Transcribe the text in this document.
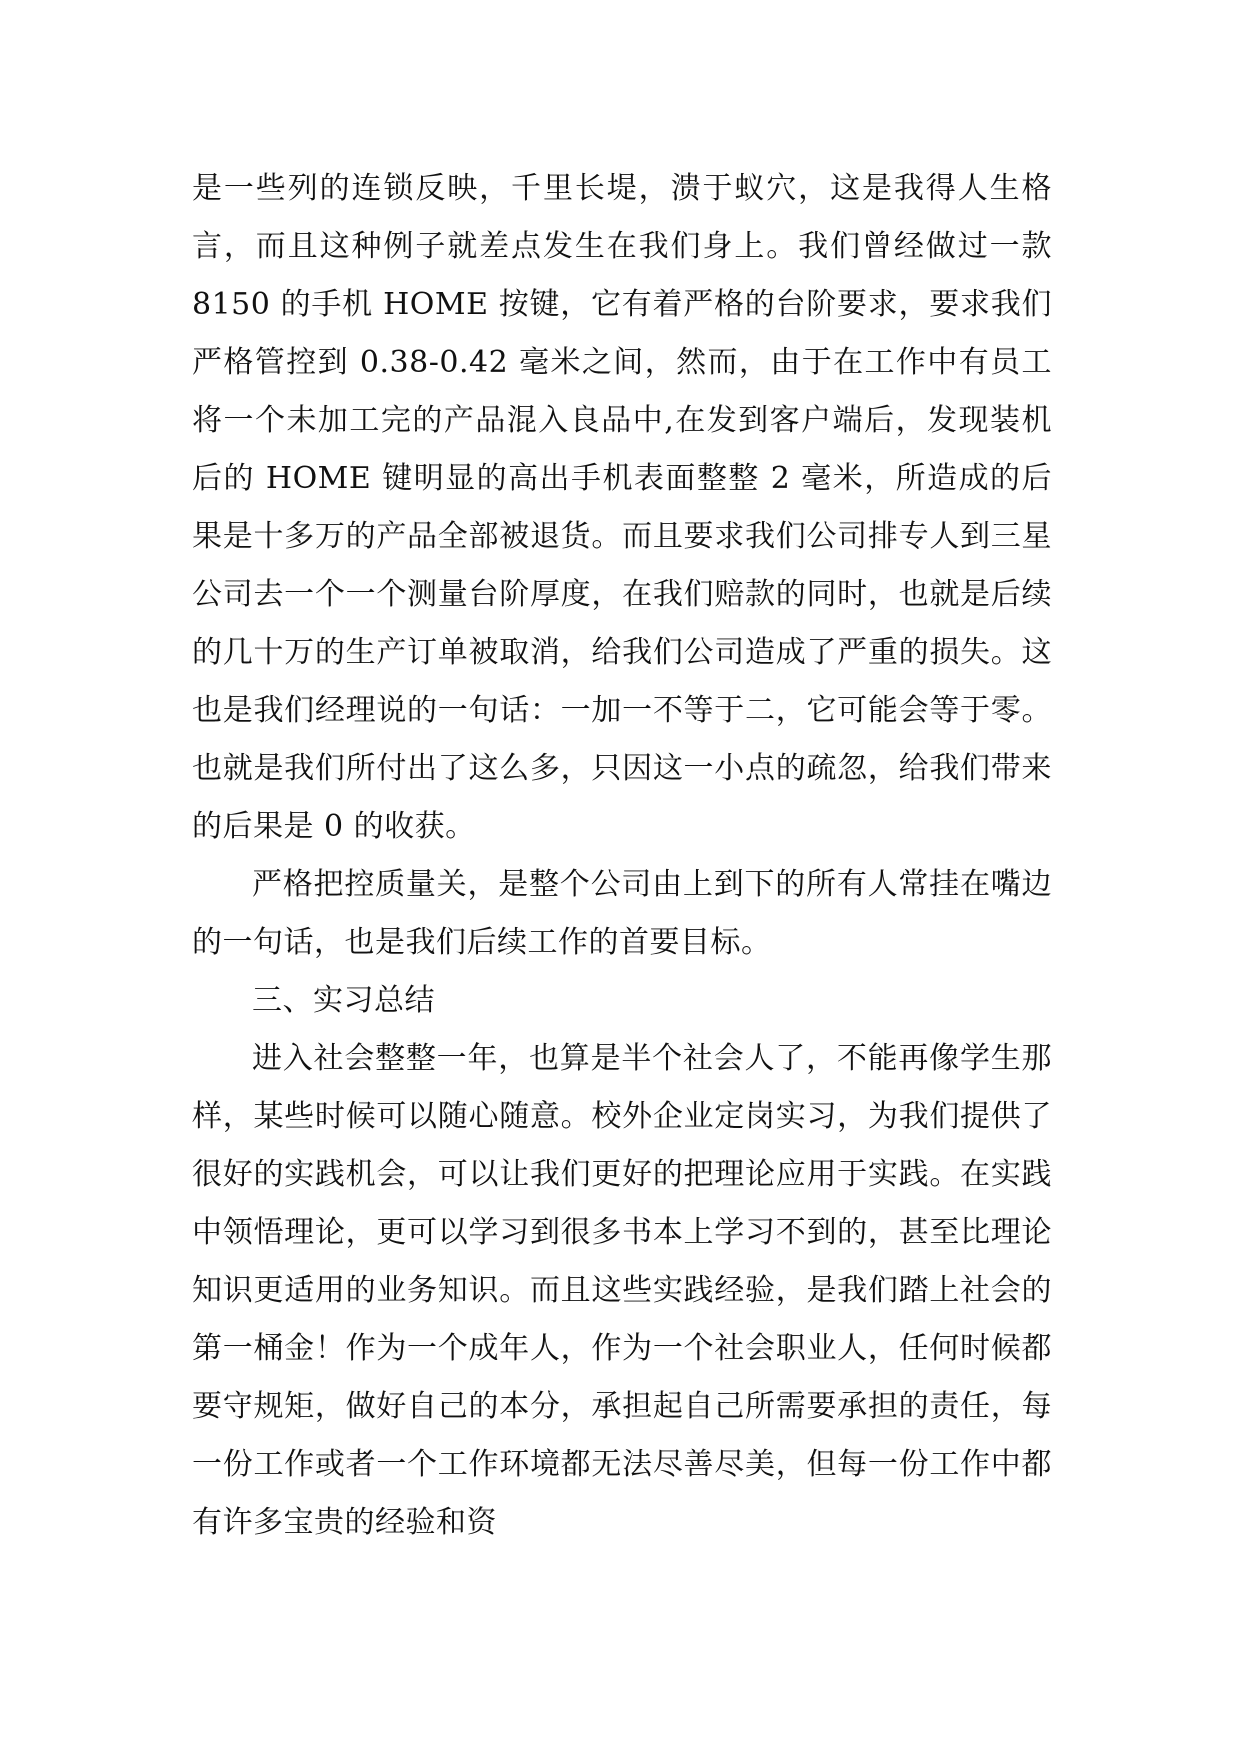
是一些列的连锁反映，千里长堤，溃于蚁穴，这是我得人生格言，而且这种例子就差点发生在我们身上。我们曾经做过一款 8150 的手机 HOME 按键，它有着严格的台阶要求，要求我们严格管控到 0.38-0.42 毫米之间，然而，由于在工作中有员工将一个未加工完的产品混入良品中,在发到客户端后，发现装机后的 HOME 键明显的高出手机表面整整 2 毫米，所造成的后果是十多万的产品全部被退货。而且要求我们公司排专人到三星公司去一个一个测量台阶厚度，在我们赔款的同时，也就是后续的几十万的生产订单被取消，给我们公司造成了严重的损失。这也是我们经理说的一句话：一加一不等于二，它可能会等于零。也就是我们所付出了这么多，只因这一小点的疏忽，给我们带来的后果是 0 的收获。

严格把控质量关，是整个公司由上到下的所有人常挂在嘴边的一句话，也是我们后续工作的首要目标。

三、实习总结

进入社会整整一年，也算是半个社会人了，不能再像学生那样，某些时候可以随心随意。校外企业定岗实习，为我们提供了很好的实践机会，可以让我们更好的把理论应用于实践。在实践中领悟理论，更可以学习到很多书本上学习不到的，甚至比理论知识更适用的业务知识。而且这些实践经验，是我们踏上社会的第一桶金！作为一个成年人，作为一个社会职业人，任何时候都要守规矩，做好自己的本分，承担起自己所需要承担的责任，每一份工作或者一个工作环境都无法尽善尽美，但每一份工作中都有许多宝贵的经验和资
